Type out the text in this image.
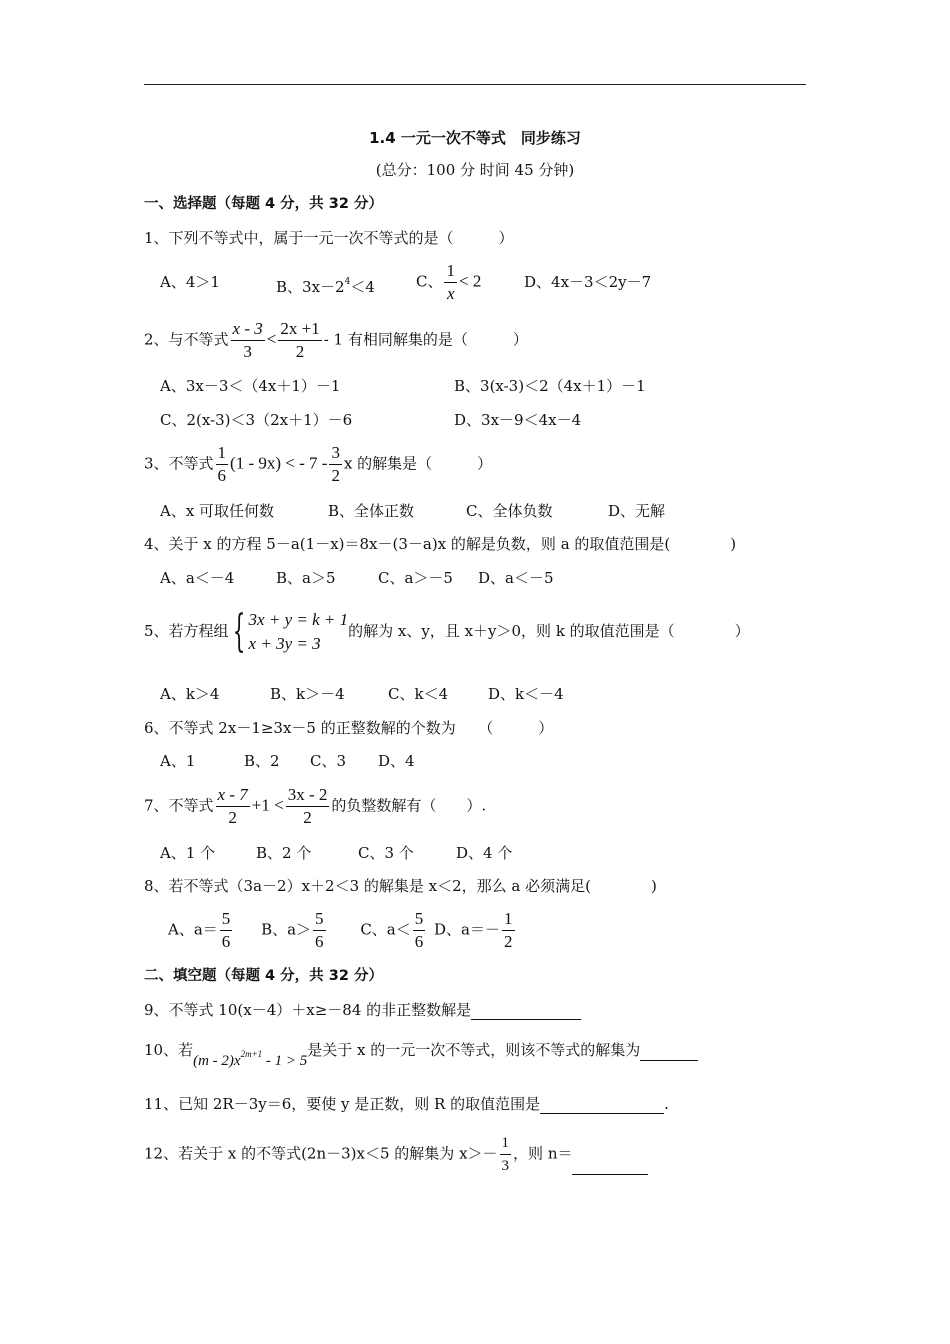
1.4 一元一次不等式　同步练习
(总分：100 分 时间 45 分钟)
一、选择题（每题 4 分，共 32 分）
1、下列不等式中，属于一元一次不等式的是（　　　）
A、4＞1	B、$3x-2^4<4$	C、 $\frac{1}{x} < 2$	D、4x－3＜2y－7
2、与不等式 $\frac{x - 3}{3} < \frac{2x +1}{2} - 1$ 有相同解集的是（　　　）
A、3x－3＜（4x＋1）－1	B、3(x-3)＜2（4x＋1）－1
C、2(x-3)＜3（2x＋1）－6	D、3x－9＜4x－4
3、不等式 $\frac{1}{6} (1 - 9x)$ < - $7 - \frac{3}{2}$ x 的解集是（　　　）
A、x 可取任何数	B、全体正数	C、全体负数	D、无解
4、关于 x 的方程 5－a(1－x)＝8x－(3－a)x 的解是负数，则 a 的取值范围是(　　　　)
A、a＜－4	B、a＞5	C、a＞－5 D、a＜－5
5、若方程组 { 3x + y = k + 1
x + 3y = 3
的解为 x、y，且 x＋y＞0，则 k 的取值范围是（　　　　）
A、k＞4	B、k＞－4	C、k＜4	D、k＜－4
6、不等式 2x－1≥3x－5 的正整数解的个数为　　（　　　）
A、1	B、2 C、3 D、4
7、不等式 $\frac{x - 7}{2} +1 < \frac{3x - 2}{2}$ 的负整数解有（　　）.
A、1 个	B、2 个	C、3 个	D、4 个
8、若不等式（3a－2）x＋2＜3 的解集是 x＜2，那么 a 必须满足(　　　　)
A、$a= \frac{5}{6}$ B、$a> \frac{5}{6}$ C、$a< \frac{5}{6}$ D、$a=- \frac{1}{2}$
二、填空题（每题 4 分，共 32 分）
9、不等式 10(x－4）＋x≥－84 的非正整数解是
10、若$(m - 2)x^{2m+1} - 1 > 5$是关于 x 的一元一次不等式，则该不等式的解集为
11、已知 2R－3y＝6，要使 y 是正数，则 R 的取值范围是	.
12、若关于 x 的不等式(2n－3)x＜5 的解集为 $x>- \frac{1}{3}$ ，则 n＝
